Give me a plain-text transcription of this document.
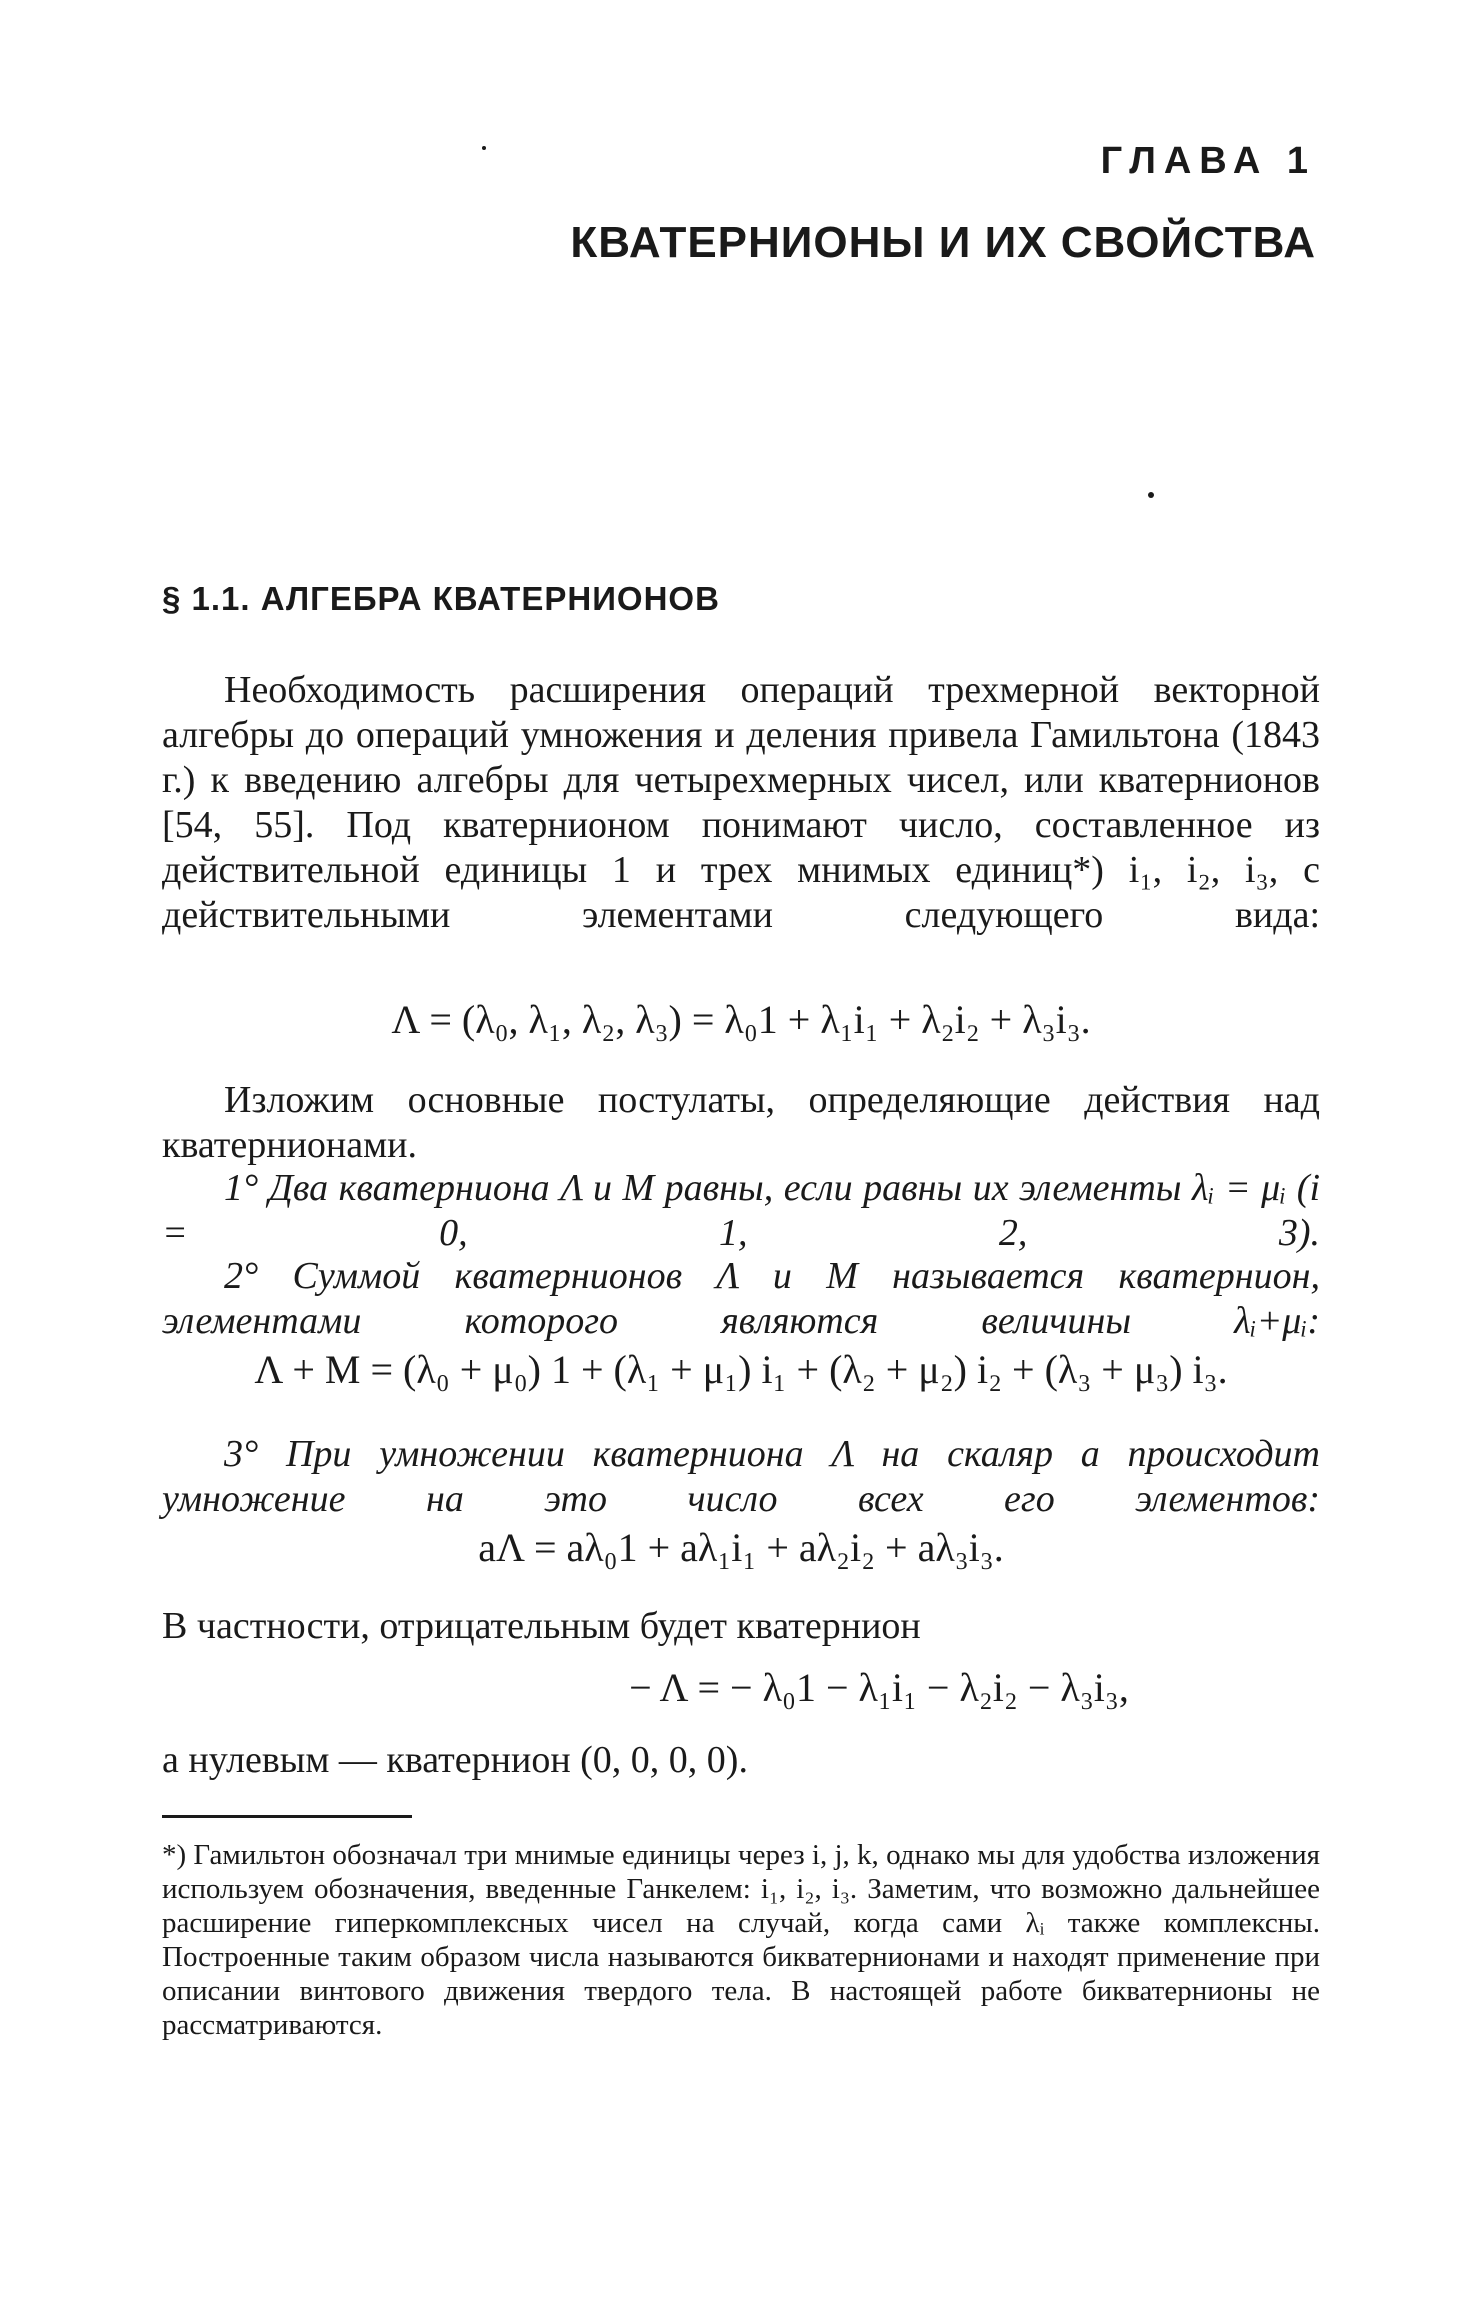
ГЛАВА 1
КВАТЕРНИОНЫ И ИХ СВОЙСТВА
§ 1.1. АЛГЕБРА КВАТЕРНИОНОВ
Необходимость расширения операций трехмерной векторной алгебры до операций умножения и деления привела Гамильтона (1843 г.) к введению алгебры для четырехмерных чисел, или кватернионов [54, 55]. Под кватернионом понимают число, составленное из действительной единицы 1 и трех мнимых единиц*) i₁, i₂, i₃, с действительными элементами следующего вида:
Λ = (λ₀, λ₁, λ₂, λ₃) = λ₀1 + λ₁i₁ + λ₂i₂ + λ₃i₃.
Изложим основные постулаты, определяющие действия над кватернионами.
1° Два кватерниона Λ и M равны, если равны их элементы λᵢ = μᵢ (i = 0, 1, 2, 3).
2° Суммой кватернионов Λ и M называется кватернион, элементами которого являются величины λᵢ+μᵢ:
Λ + M = (λ₀ + μ₀) 1 + (λ₁ + μ₁) i₁ + (λ₂ + μ₂) i₂ + (λ₃ + μ₃) i₃.
3° При умножении кватерниона Λ на скаляр a происходит умножение на это число всех его элементов:
aΛ = aλ₀1 + aλ₁i₁ + aλ₂i₂ + aλ₃i₃.
В частности, отрицательным будет кватернион
− Λ = − λ₀1 − λ₁i₁ − λ₂i₂ − λ₃i₃,
а нулевым — кватернион (0, 0, 0, 0).
*) Гамильтон обозначал три мнимые единицы через i, j, k, однако мы для удобства изложения используем обозначения, введенные Ганкелем: i₁, i₂, i₃. Заметим, что возможно дальнейшее расширение гиперкомплексных чисел на случай, когда сами λᵢ также комплексны. Построенные таким образом числа называются бикватернионами и находят применение при описании винтового движения твердого тела. В настоящей работе бикватернионы не рассматриваются.
